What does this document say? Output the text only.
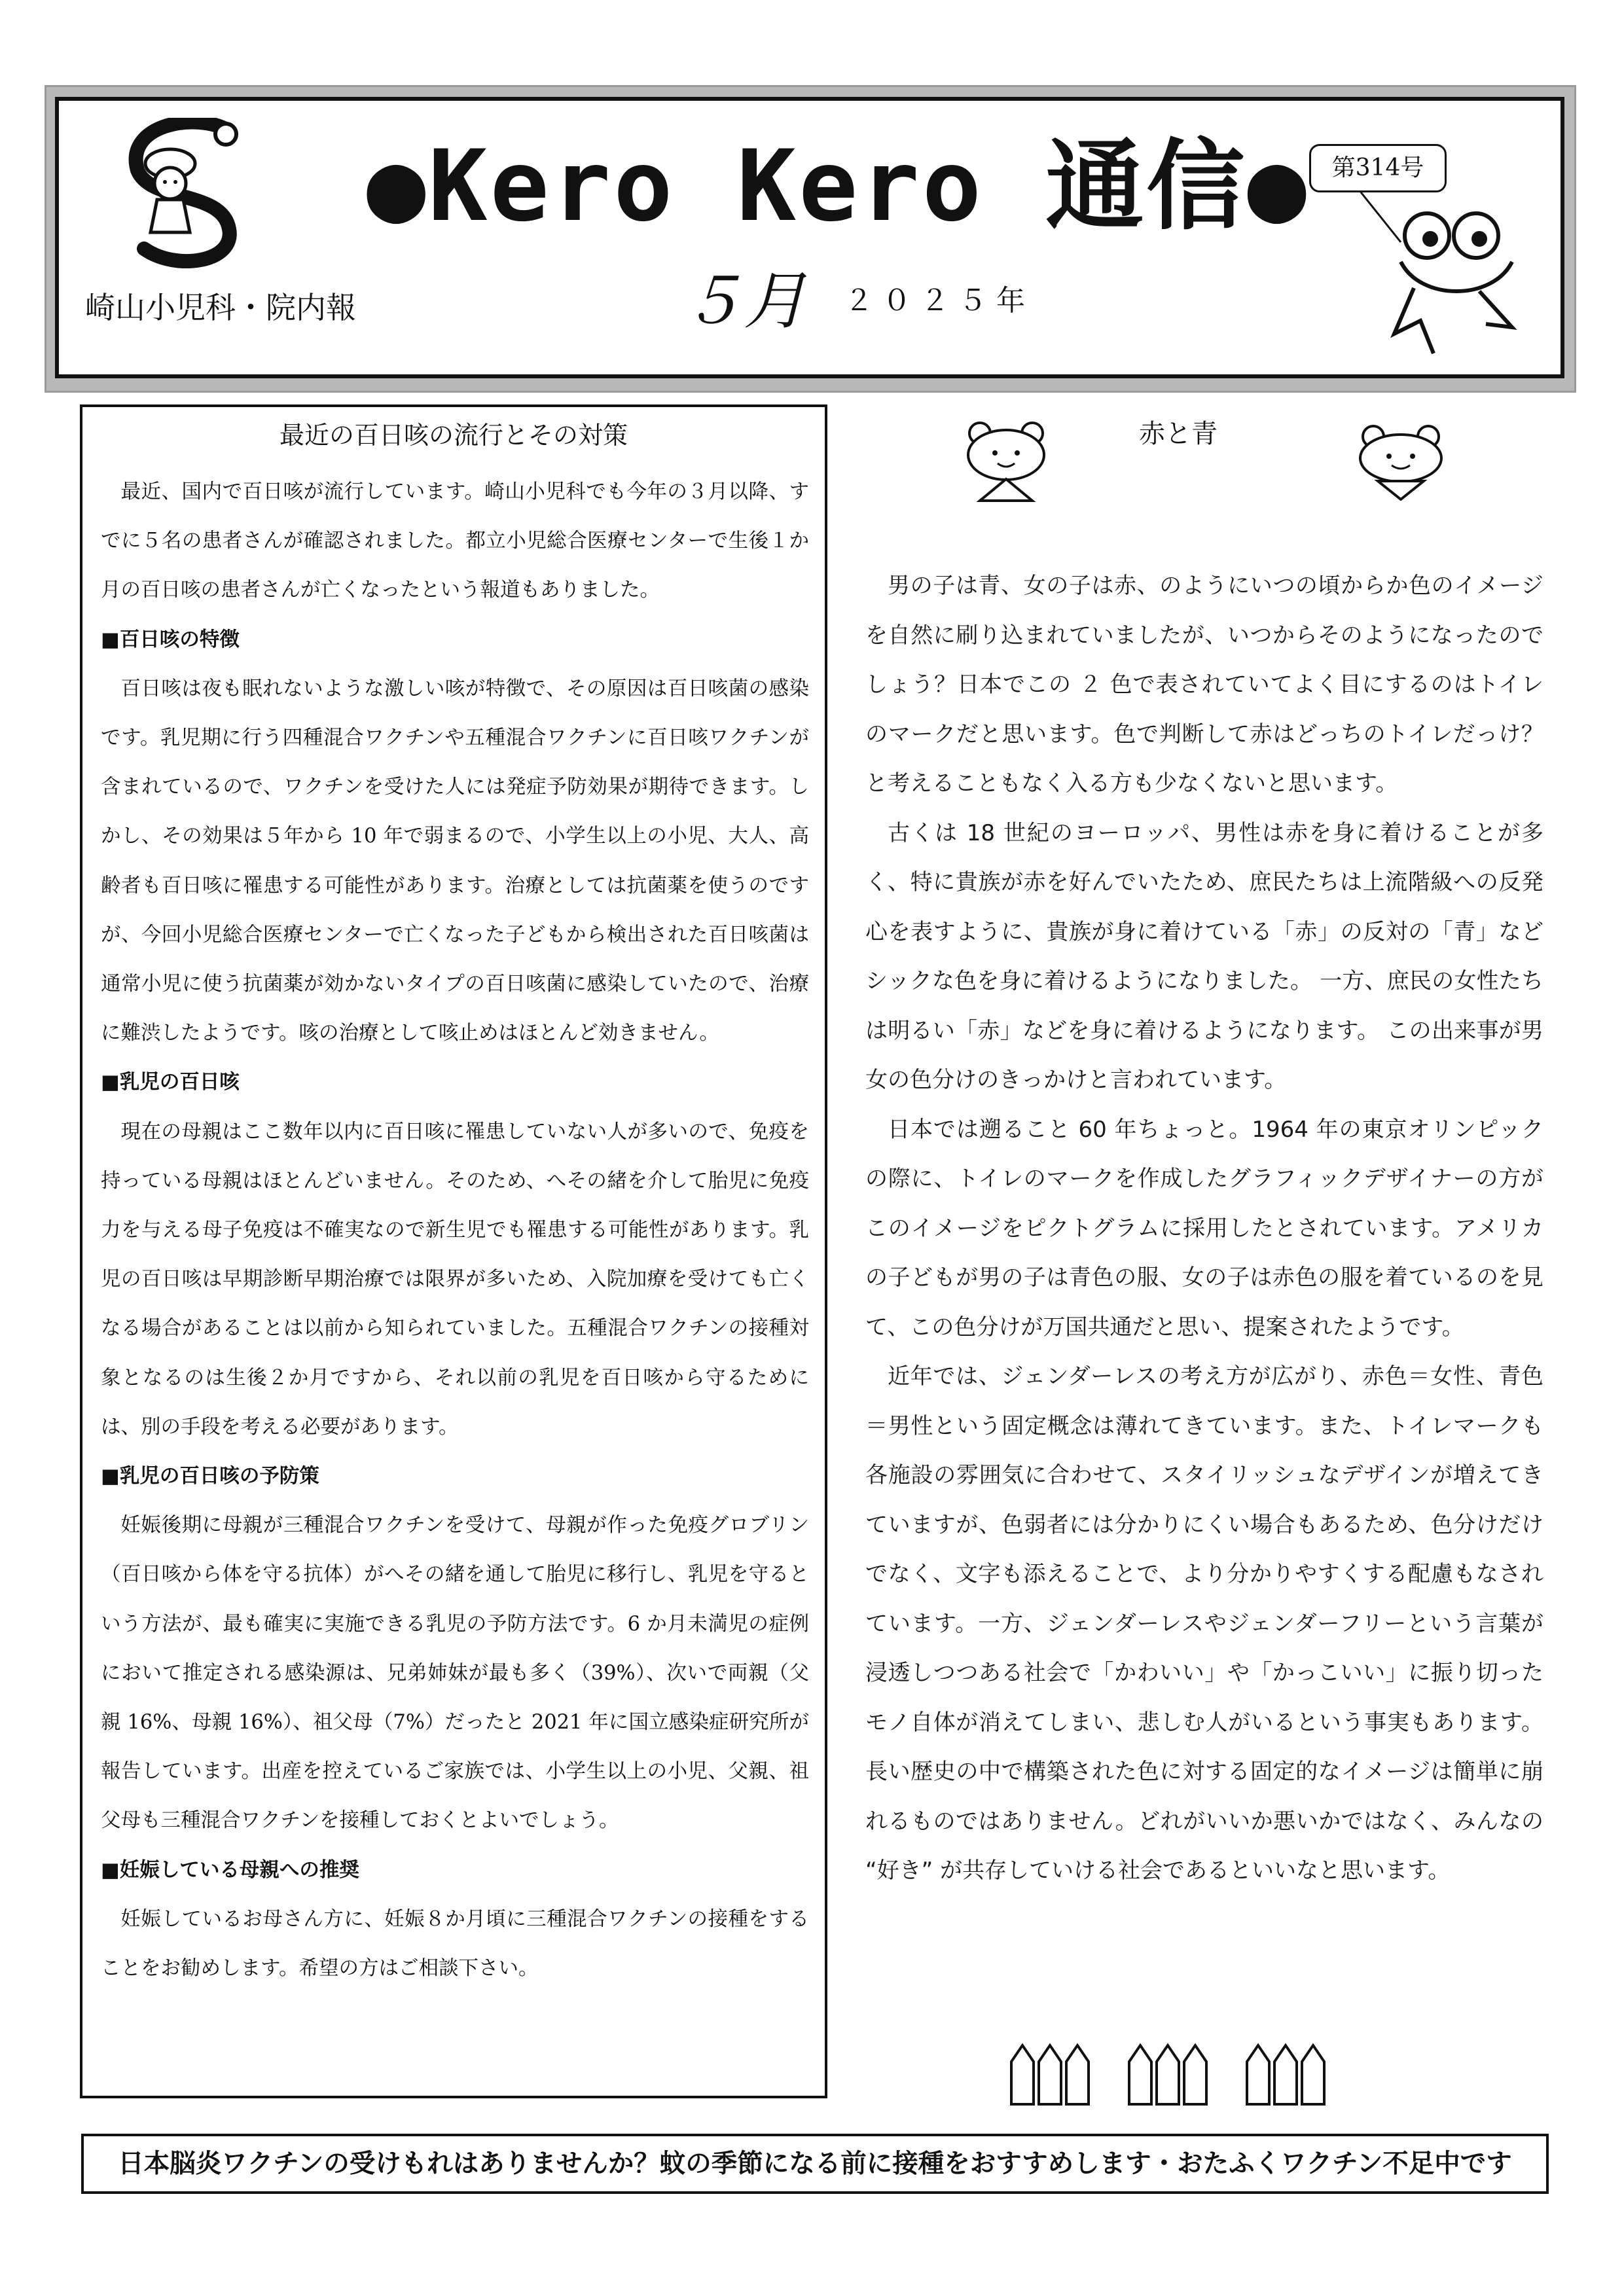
●Kero Kero 通信●
崎山小児科・院内報	５月 ２０２５年
第314号
最近の百日咳の流行とその対策

最近、国内で百日咳が流行しています。崎山小児科でも今年の３月以降、すでに５名の患者さんが確認されました。都立小児総合医療センターで生後１か月の百日咳の患者さんが亡くなったという報道もありました。

■百日咳の特徴

百日咳は夜も眠れないような激しい咳が特徴で、その原因は百日咳菌の感染です。乳児期に行う四種混合ワクチンや五種混合ワクチンに百日咳ワクチンが含まれているので、ワクチンを受けた人には発症予防効果が期待できます。しかし、その効果は５年から 10 年で弱まるので、小学生以上の小児、大人、高齢者も百日咳に罹患する可能性があります。治療としては抗菌薬を使うのですが、今回小児総合医療センターで亡くなった子どもから検出された百日咳菌は通常小児に使う抗菌薬が効かないタイプの百日咳菌に感染していたので、治療に難渋したようです。咳の治療として咳止めはほとんど効きません。

■乳児の百日咳

現在の母親はここ数年以内に百日咳に罹患していない人が多いので、免疫を持っている母親はほとんどいません。そのため、へその緒を介して胎児に免疫力を与える母子免疫は不確実なので新生児でも罹患する可能性があります。乳児の百日咳は早期診断早期治療では限界が多いため、入院加療を受けても亡くなる場合があることは以前から知られていました。五種混合ワクチンの接種対象となるのは生後２か月ですから、それ以前の乳児を百日咳から守るためには、別の手段を考える必要があります。

■乳児の百日咳の予防策

妊娠後期に母親が三種混合ワクチンを受けて、母親が作った免疫グロブリン（百日咳から体を守る抗体）がへその緒を通して胎児に移行し、乳児を守るという方法が、最も確実に実施できる乳児の予防方法です。6 か月未満児の症例において推定される感染源は、兄弟姉妹が最も多く（39%）、次いで両親（父親 16%、母親 16%）、祖父母（7%）だったと 2021 年に国立感染症研究所が報告しています。出産を控えているご家族では、小学生以上の小児、父親、祖父母も三種混合ワクチンを接種しておくとよいでしょう。

■妊娠している母親への推奨

妊娠しているお母さん方に、妊娠８か月頃に三種混合ワクチンの接種をすることをお勧めします。希望の方はご相談下さい。

赤と青

男の子は青、女の子は赤、のようにいつの頃からか色のイメージを自然に刷り込まれていましたが、いつからそのようになったのでしょう？日本でこの ２ 色で表されていてよく目にするのはトイレのマークだと思います。色で判断して赤はどっちのトイレだっけ？と考えることもなく入る方も少なくないと思います。

古くは 18 世紀のヨーロッパ、男性は赤を身に着けることが多く、特に貴族が赤を好んでいたため、庶民たちは上流階級への反発心を表すように、貴族が身に着けている「赤」の反対の「青」などシックな色を身に着けるようになりました。 一方、庶民の女性たちは明るい「赤」などを身に着けるようになります。 この出来事が男女の色分けのきっかけと言われています。

日本では遡ること 60 年ちょっと。1964 年の東京オリンピックの際に、トイレのマークを作成したグラフィックデザイナーの方がこのイメージをピクトグラムに採用したとされています。アメリカの子どもが男の子は青色の服、女の子は赤色の服を着ているのを見て、この色分けが万国共通だと思い、提案されたようです。

近年では、ジェンダーレスの考え方が広がり、赤色＝女性、青色＝男性という固定概念は薄れてきています。また、トイレマークも各施設の雰囲気に合わせて、スタイリッシュなデザインが増えてきていますが、色弱者には分かりにくい場合もあるため、色分けだけでなく、文字も添えることで、より分かりやすくする配慮もなされています。一方、ジェンダーレスやジェンダーフリーという言葉が浸透しつつある社会で「かわいい」や「かっこいい」に振り切ったモノ自体が消えてしまい、悲しむ人がいるという事実もあります。長い歴史の中で構築された色に対する固定的なイメージは簡単に崩れるものではありません。どれがいいか悪いかではなく、みんなの “好き” が共存していける社会であるといいなと思います。

日本脳炎ワクチンの受けもれはありませんか？蚊の季節になる前に接種をおすすめします・おたふくワクチン不足中です
